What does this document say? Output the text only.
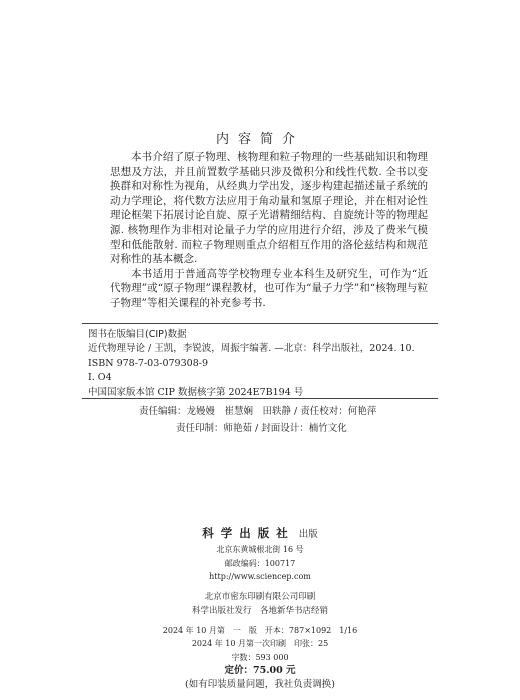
内容简介

本书介绍了原子物理、核物理和粒子物理的一些基础知识和物理思想及方法，并且前置数学基础只涉及微积分和线性代数. 全书以变换群和对称性为视角，从经典力学出发，逐步构建起描述量子系统的动力学理论，将代数方法应用于角动量和氢原子理论，并在相对论性理论框架下拓展讨论自旋、原子光谱精细结构、自旋统计等的物理起源. 核物理作为非相对论量子力学的应用进行介绍，涉及了费米气模型和低能散射. 而粒子物理则重点介绍相互作用的洛伦兹结构和规范对称性的基本概念.

本书适用于普通高等学校物理专业本科生及研究生，可作为“近代物理”或“原子物理”课程教材，也可作为“量子力学”和“核物理与粒子物理”等相关课程的补充参考书.

图书在版编目(CIP)数据
近代物理导论 / 王凯，李锐波，周振宇编著. —北京：科学出版社，2024. 10.
ISBN 978-7-03-079308-9
Ⅰ. O4
中国国家版本馆 CIP 数据核字第 2024E7B194 号
责任编辑：龙嫚嫚　崔慧娴　田轶静 / 责任校对：何艳萍
责任印制：师艳茹 / 封面设计：楠竹文化
科学出版社 出版
北京东黄城根北街 16 号
邮政编码：100717
http://www.sciencep.com
北京市密东印刷有限公司印刷
科学出版社发行　各地新华书店经销
2024 年 10 月第　一　版　开本：787×1092　1/16
2024 年 10 月第一次印刷　印张：25
字数：593 000
定价：75.00 元
(如有印装质量问题，我社负责调换)
